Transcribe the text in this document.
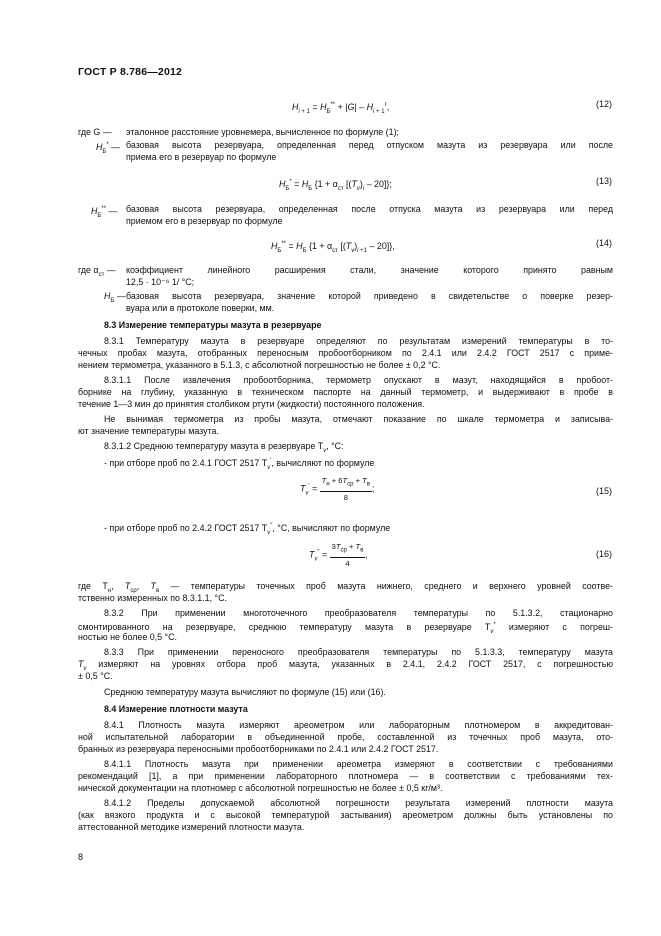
ГОСТ Р 8.786—2012
$H_{i + 1} = H_Б^{**} + |G| - H_{i + 1}^г$,	(12)
где G — эталонное расстояние уровнемера, вычисленное по формуле (1);
$H_Б^*$ — базовая высота резервуара, определенная перед отпуском мазута из резервуара или после
приема его в резервуар по формуле
$H_Б^* = H_Б$ {$1 + \alpha_{ст}$ $[(T_v)_i - 20]$};	(13)
$H_Б^{**}$ — базовая высота резервуара, определенная после отпуска мазута из резервуара или перед
приемом его в резервуар по формуле
$H_Б^{**} = H_Б$ {$1 + \alpha_{ст}$ $[(T_v)_{i +1} - 20]$},	(14)
где $\alpha_{ст}$ — коэффициент линейного расширения стали, значение которого принято равным
12,5 · 10⁻⁶ 1/ °C;
$H_Б$ — базовая высота резервуара, значение которой приведено в свидетельстве о поверке резер-
вуара или в протоколе поверки, мм.
8.3 Измерение температуры мазута в резервуаре
8.3.1 Температуру мазута в резервуаре определяют по результатам измерений температуры в то-
чечных пробах мазута, отобранных переносным пробоотборником по 2.4.1 или 2.4.2 ГОСТ 2517 с приме-
нением термометра, указанного в 5.1.3, с абсолютной погрешностью не более ± 0,2 °C.
8.3.1.1 После извлечения пробоотборника, термометр опускают в мазут, находящийся в пробоот-
борнике на глубину, указанную в техническом паспорте на данный термометр, и выдерживают в пробе в
течение 1—3 мин до принятия столбиком ртути (жидкости) постоянного положения.
Не вынимая термометра из пробы мазута, отмечают показание по шкале термометра и записыва-
ют значение температуры мазута.
8.3.1.2 Среднюю температуру мазута в резервуаре $T_v$, °C:
- при отборе проб по 2.4.1 ГОСТ 2517 $T_v'$, вычисляют по формуле
$T_v' = \frac{T_н + 6T_{ср} + T_в}{8}$ ;	(15)
- при отборе проб по 2.4.2 ГОСТ 2517 $T_v''$, °C, вычисляют по формуле
$T_v'' = \frac{3T_{ср} + T_в}{4}$ ,	(16)
где $T_н$, $T_{ср}$, $T_в$ — температуры точечных проб мазута нижнего, среднего и верхнего уровней соотве-
тственно измеренных по 8.3.1.1, °C.
8.3.2 При применении многоточечного преобразователя температуры по 5.1.3.2, стационарно
смонтированного на резервуаре, среднюю температуру мазута в резервуаре $T_v^*$ измеряют с погреш-
ностью не более 0,5 °C.
8.3.3 При применении переносного преобразователя температуры по 5.1.3.3, температуру мазута
$T_v$ измеряют на уровнях отбора проб мазута, указанных в 2.4.1, 2.4.2 ГОСТ 2517, с погрешностью
± 0,5 °C.
Среднюю температуру мазута вычисляют по формуле (15) или (16).
8.4 Измерение плотности мазута
8.4.1 Плотность мазута измеряют ареометром или лабораторным плотномером в аккредитован-
ной испытательной лаборатории в объединенной пробе, составленной из точечных проб мазута, ото-
бранных из резервуара переносными пробоотборниками по 2.4.1 или 2.4.2 ГОСТ 2517.
8.4.1.1 Плотность мазута при применении ареометра измеряют в соответствии с требованиями
рекомендаций [1], а при применении лабораторного плотномера — в соответствии с требованиями тех-
нической документации на плотномер с абсолютной погрешностью не более ± 0,5 кг/м³.
8.4.1.2 Пределы допускаемой абсолютной погрешности результата измерений плотности мазута
(как вязкого продукта и с высокой температурой застывания) ареометром должны быть установлены по
аттестованной методике измерений плотности мазута.
8
